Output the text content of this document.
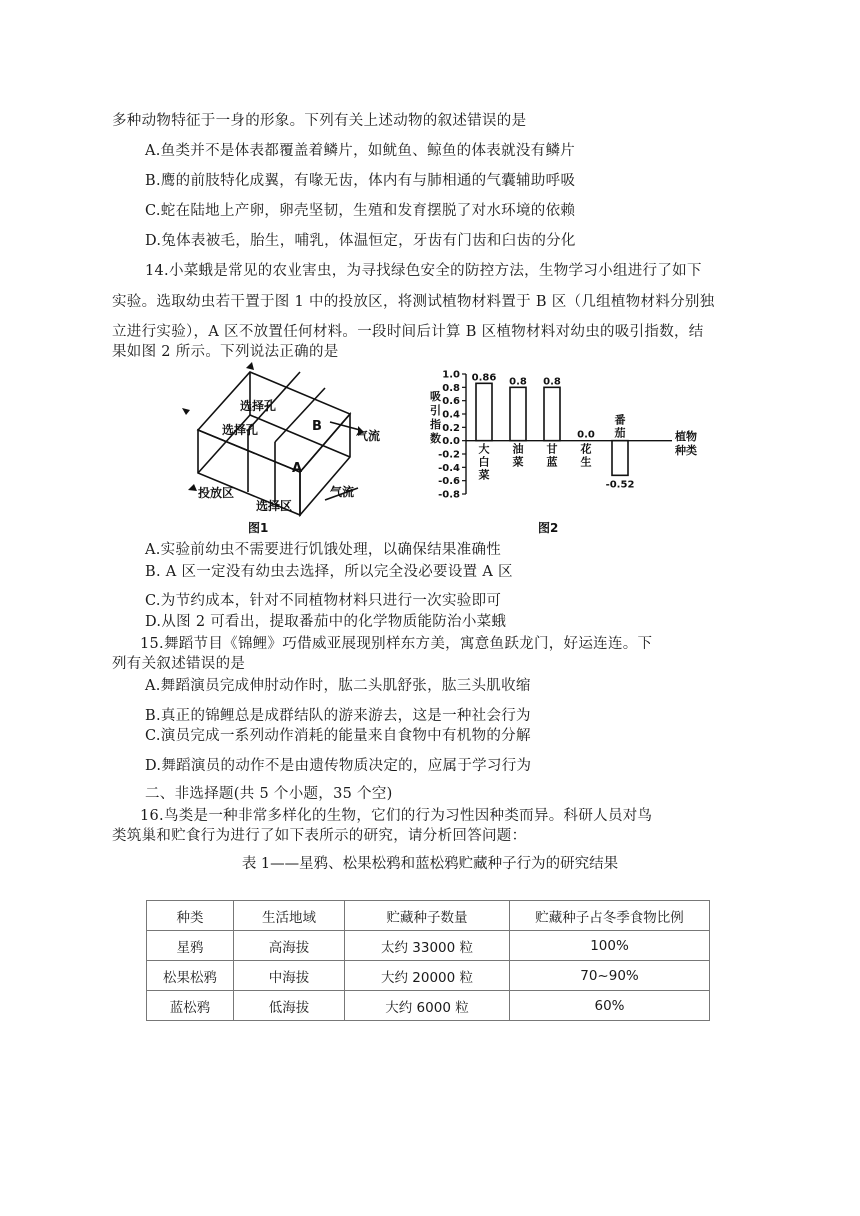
多种动物特征于一身的形象。下列有关上述动物的叙述错误的是
A.鱼类并不是体表都覆盖着鳞片，如鱿鱼、鲸鱼的体表就没有鳞片
B.鹰的前肢特化成翼，有喙无齿，体内有与肺相通的气囊辅助呼吸
C.蛇在陆地上产卵，卵壳坚韧，生殖和发育摆脱了对水环境的依赖
D.兔体表被毛，胎生，哺乳，体温恒定，牙齿有门齿和臼齿的分化
14.小菜蛾是常见的农业害虫，为寻找绿色安全的防控方法，生物学习小组进行了如下
实验。选取幼虫若干置于图 1 中的投放区，将测试植物材料置于 B 区（几组植物材料分别独
立进行实验），A 区不放置任何材料。一段时间后计算 B 区植物材料对幼虫的吸引指数，结
果如图 2 所示。下列说法正确的是
选择孔
选择孔	B
A
气流
气流
投放区
选择区
图1
吸
引
指
数
1.0
0.8
0.6
0.4
0.2
0.0
-0.2
-0.4
-0.6
-0.8
0.86
大
白
菜
0.8
油
菜
0.8
甘
蓝
0.0
花
生
-0.52
番
茄	植物
种类
图2
A.实验前幼虫不需要进行饥饿处理，以确保结果准确性
B. A 区一定没有幼虫去选择，所以完全没必要设置 A 区
C.为节约成本，针对不同植物材料只进行一次实验即可
D.从图 2 可看出，提取番茄中的化学物质能防治小菜蛾
15.舞蹈节目《锦鲤》巧借威亚展现别样东方美，寓意鱼跃龙门，好运连连。下
列有关叙述错误的是
A.舞蹈演员完成伸肘动作时，肱二头肌舒张，肱三头肌收缩
B.真正的锦鲤总是成群结队的游来游去，这是一种社会行为
C.演员完成一系列动作消耗的能量来自食物中有机物的分解
D.舞蹈演员的动作不是由遗传物质决定的，应属于学习行为
二、非选择题(共 5 个小题，35 个空)
16.鸟类是一种非常多样化的生物，它们的行为习性因种类而异。科研人员对鸟
类筑巢和贮食行为进行了如下表所示的研究，请分析回答问题：
表 1——星鸦、松果松鸦和蓝松鸦贮藏种子行为的研究结果
种类	生活地域	贮藏种子数量	贮藏种子占冬季食物比例
星鸦	高海拔	太约 33000 粒	100%
松果松鸦	中海拔	大约 20000 粒	70~90%
蓝松鸦	低海拔	大约 6000 粒	60%
